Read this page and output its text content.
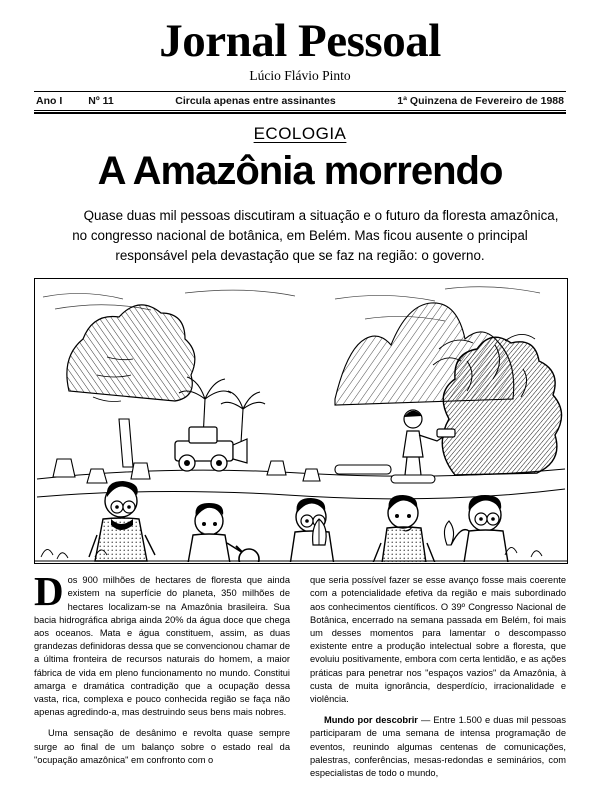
Jornal Pessoal
Lúcio Flávio Pinto
Ano I Nº 11	Circula apenas entre assinantes	1ª Quinzena de Fevereiro de 1988
ECOLOGIA
A Amazônia morrendo
Quase duas mil pessoas discutiram a situação e o futuro da floresta amazônica, no congresso nacional de botânica, em Belém. Mas ficou ausente o principal responsável pela devastação que se faz na região: o governo.

Dos 900 milhões de hectares de floresta que ainda existem na superfície do planeta, 350 milhões de hectares localizam-se na Amazônia brasileira. Sua bacia hidrográfica abriga ainda 20% da água doce que chega aos oceanos. Mata e água constituem, assim, as duas grandezas definidoras dessa que se convencionou chamar de a última fronteira de recursos naturais do homem, a maior fábrica de vida em pleno funcionamento no mundo. Constitui amarga e dramática contradição que a ocupação dessa vasta, rica, complexa e pouco conhecida região se faça não apenas agredindo-a, mas destruindo seus bens mais nobres.

Uma sensação de desânimo e revolta quase sempre surge ao final de um balanço sobre o estado real da "ocupação amazônica" em confronto com o

que seria possível fazer se esse avanço fosse mais coerente com a potencialidade efetiva da região e mais subordinado aos conhecimentos científicos. O 39º Congresso Nacional de Botânica, encerrado na semana passada em Belém, foi mais um desses momentos para lamentar o descompasso existente entre a produção intelectual sobre a floresta, que evoluiu positivamente, embora com certa lentidão, e as ações práticas para penetrar nos "espaços vazios" da Amazônia, à custa de muita ignorância, desperdício, irracionalidade e violência.

Mundo por descobrir — Entre 1.500 e duas mil pessoas participaram de uma semana de intensa programação de eventos, reunindo algumas centenas de comunicações, palestras, conferências, mesas-redondas e seminários, com especialistas de todo o mundo,
